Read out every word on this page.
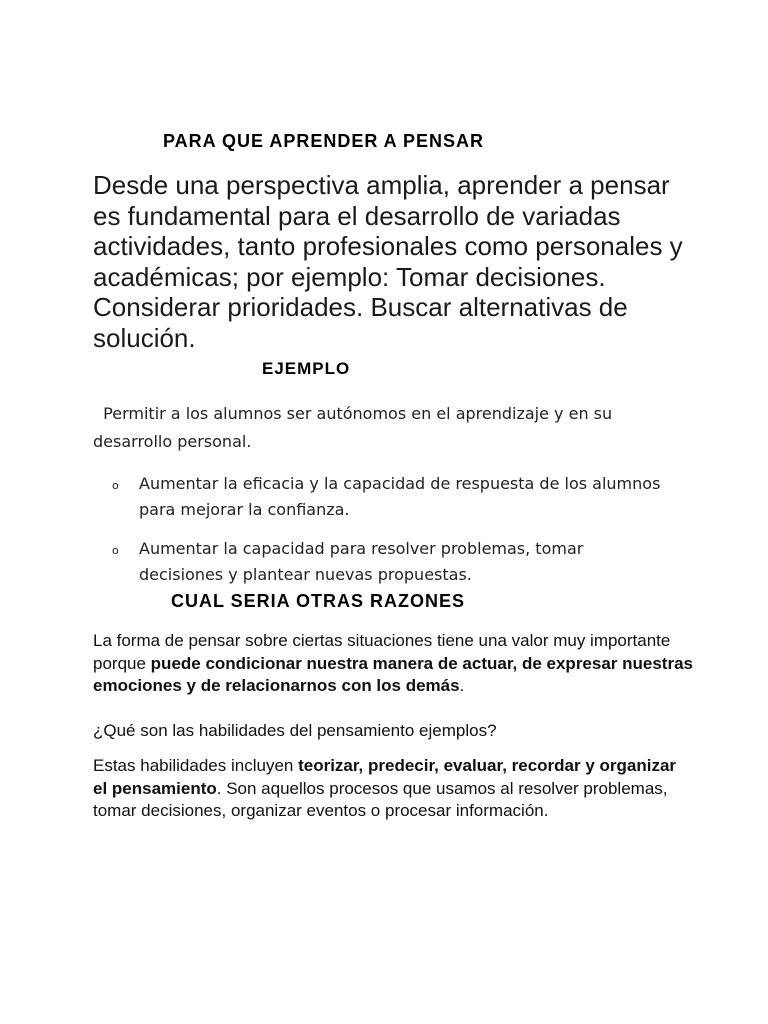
PARA QUE APRENDER A PENSAR

Desde una perspectiva amplia, aprender a pensar es fundamental para el desarrollo de variadas actividades, tanto profesionales como personales y académicas; por ejemplo: Tomar decisiones. Considerar prioridades. Buscar alternativas de solución.

EJEMPLO

Permitir a los alumnos ser autónomos en el aprendizaje y en su desarrollo personal.

o Aumentar la eficacia y la capacidad de respuesta de los alumnos para mejorar la confianza.
o Aumentar la capacidad para resolver problemas, tomar decisiones y plantear nuevas propuestas.
CUAL SERIA OTRAS RAZONES

La forma de pensar sobre ciertas situaciones tiene una valor muy importante porque puede condicionar nuestra manera de actuar, de expresar nuestras emociones y de relacionarnos con los demás.

¿Qué son las habilidades del pensamiento ejemplos?

Estas habilidades incluyen teorizar, predecir, evaluar, recordar y organizar el pensamiento. Son aquellos procesos que usamos al resolver problemas, tomar decisiones, organizar eventos o procesar información.
